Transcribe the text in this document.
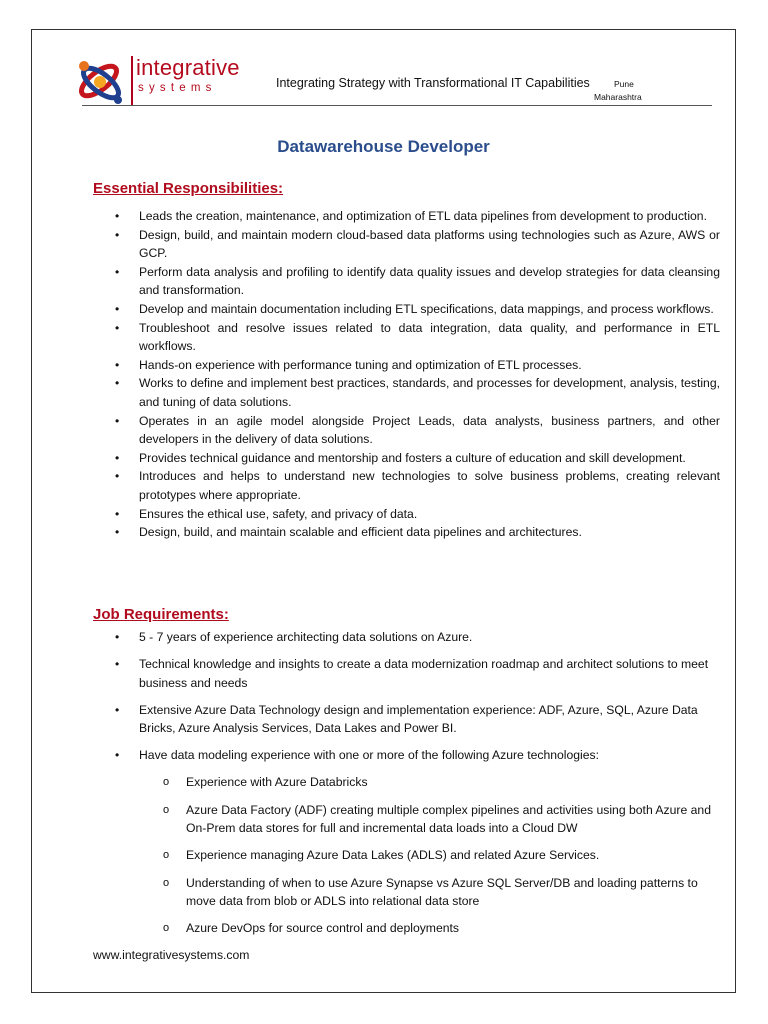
integrative
systems	Integrating Strategy with Transformational IT Capabilities	Pune
Maharashtra
Datawarehouse Developer
Essential Responsibilities:
• Leads the creation, maintenance, and optimization of ETL data pipelines from development to production.
• Design, build, and maintain modern cloud-based data platforms using technologies such as Azure, AWS or GCP.
• Perform data analysis and profiling to identify data quality issues and develop strategies for data cleansing and transformation.
• Develop and maintain documentation including ETL specifications, data mappings, and process workflows.
• Troubleshoot and resolve issues related to data integration, data quality, and performance in ETL workflows.
• Hands-on experience with performance tuning and optimization of ETL processes.
• Works to define and implement best practices, standards, and processes for development, analysis, testing, and tuning of data solutions.
• Operates in an agile model alongside Project Leads, data analysts, business partners, and other developers in the delivery of data solutions.
• Provides technical guidance and mentorship and fosters a culture of education and skill development.
• Introduces and helps to understand new technologies to solve business problems, creating relevant prototypes where appropriate.
• Ensures the ethical use, safety, and privacy of data.
• Design, build, and maintain scalable and efficient data pipelines and architectures.
Job Requirements:
• 5 - 7 years of experience architecting data solutions on Azure.
• Technical knowledge and insights to create a data modernization roadmap and architect solutions to meet business and needs
• Extensive Azure Data Technology design and implementation experience: ADF, Azure, SQL, Azure Data Bricks, Azure Analysis Services, Data Lakes and Power BI.
• Have data modeling experience with one or more of the following Azure technologies:
o Experience with Azure Databricks
o Azure Data Factory (ADF) creating multiple complex pipelines and activities using both Azure and On-Prem data stores for full and incremental data loads into a Cloud DW
o Experience managing Azure Data Lakes (ADLS) and related Azure Services.
o Understanding of when to use Azure Synapse vs Azure SQL Server/DB and loading patterns to move data from blob or ADLS into relational data store
o Azure DevOps for source control and deployments
www.integrativesystems.com
